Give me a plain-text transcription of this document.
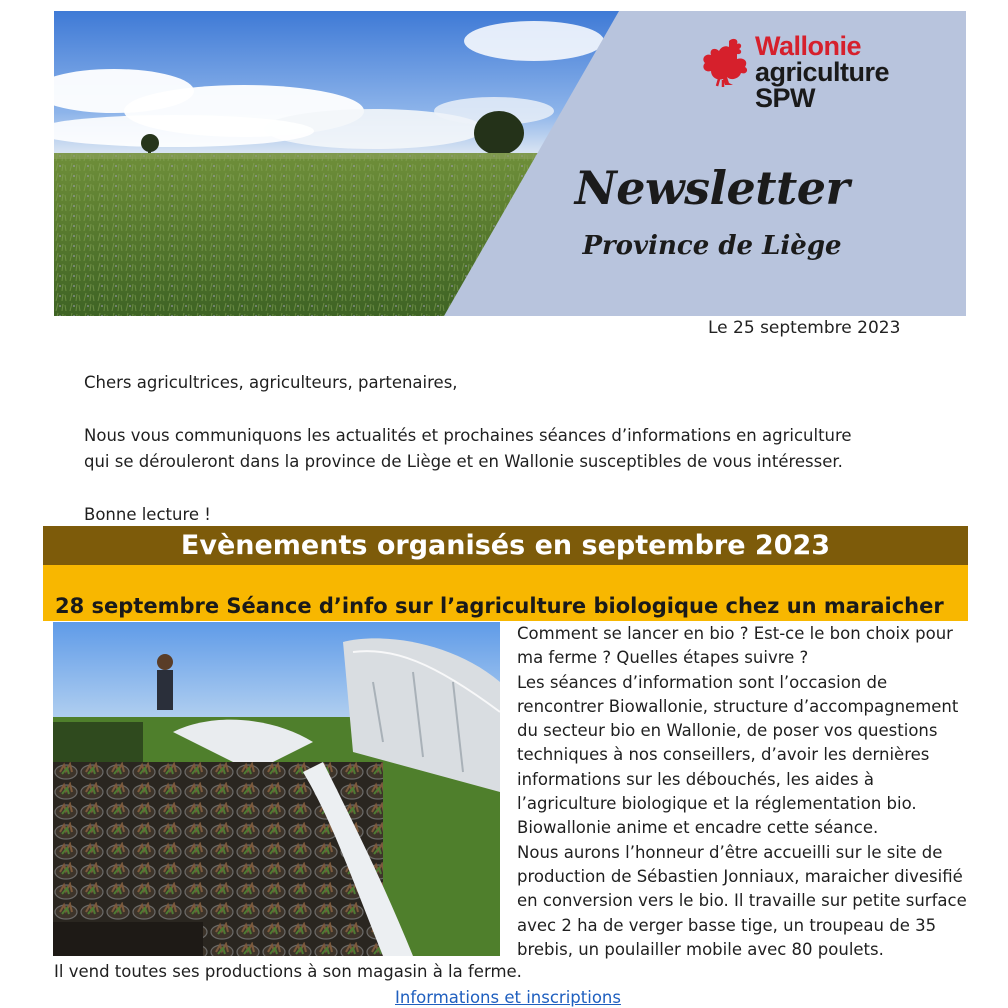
Wallonie
agriculture
SPW
Newsletter
Province de Liège
Le 25 septembre 2023

Chers agricultrices, agriculteurs, partenaires,

Nous vous communiquons les actualités et prochaines séances d’informations en agriculture
qui se dérouleront dans la province de Liège et en Wallonie susceptibles de vous intéresser.

Bonne lecture !

Evènements organisés en septembre 2023
28 septembre Séance d’info sur l’agriculture biologique chez un maraicher
Comment se lancer en bio ? Est-ce le bon choix pour
ma ferme ? Quelles étapes suivre ?
Les séances d’information sont l’occasion de
rencontrer Biowallonie, structure d’accompagnement
du secteur bio en Wallonie, de poser vos questions
techniques à nos conseillers, d’avoir les dernières
informations sur les débouchés, les aides à
l’agriculture biologique et la réglementation bio.
Biowallonie anime et encadre cette séance.
Nous aurons l’honneur d’être accueilli sur le site de
production de Sébastien Jonniaux, maraicher divesifié
en conversion vers le bio. Il travaille sur petite surface
avec 2 ha de verger basse tige, un troupeau de 35
brebis, un poulailler mobile avec 80 poulets.
Il vend toutes ses productions à son magasin à la ferme.
Informations et inscriptions
